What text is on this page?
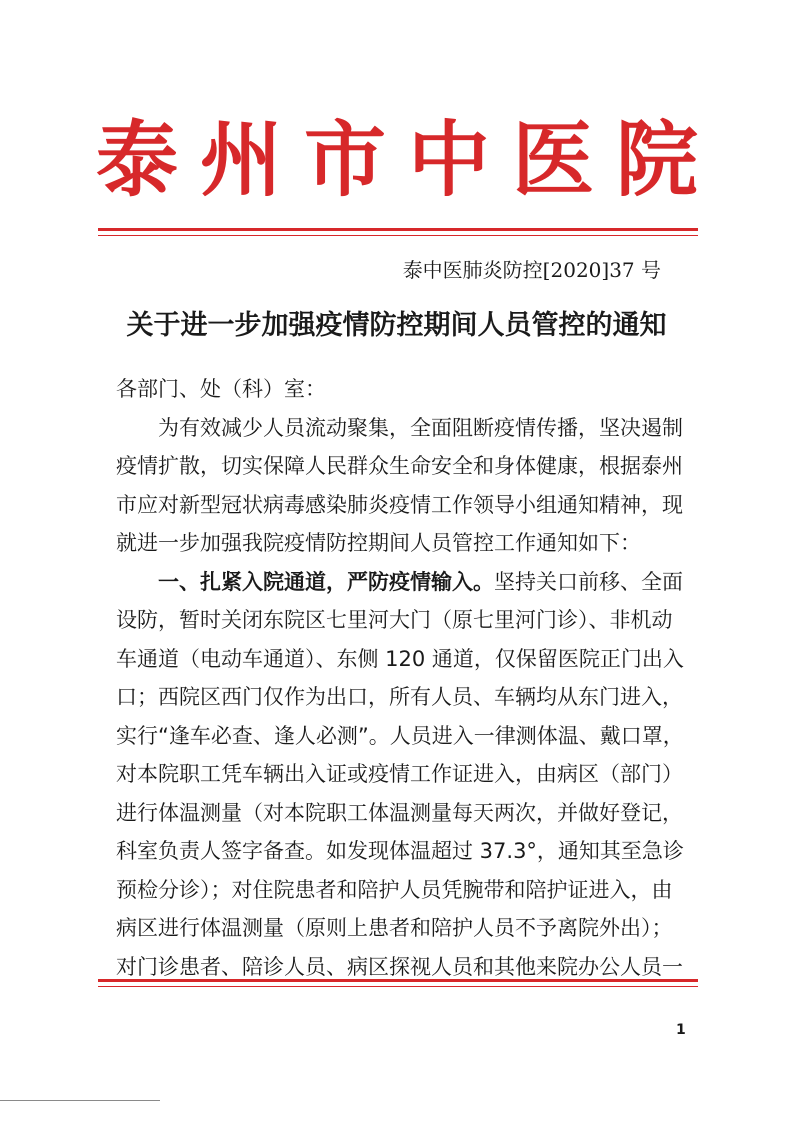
泰 州 市 中 医 院
泰中医肺炎防控[2020]37 号
关于进一步加强疫情防控期间人员管控的通知
各部门、处（科）室：
为有效减少人员流动聚集，全面阻断疫情传播，坚决遏制
疫情扩散，切实保障人民群众生命安全和身体健康，根据泰州
市应对新型冠状病毒感染肺炎疫情工作领导小组通知精神，现
就进一步加强我院疫情防控期间人员管控工作通知如下：
一、扎紧入院通道，严防疫情输入。坚持关口前移、全面
设防，暂时关闭东院区七里河大门（原七里河门诊）、非机动
车通道（电动车通道）、东侧 120 通道，仅保留医院正门出入
口；西院区西门仅作为出口，所有人员、车辆均从东门进入，
实行“逢车必查、逢人必测”。人员进入一律测体温、戴口罩，
对本院职工凭车辆出入证或疫情工作证进入，由病区（部门）
进行体温测量（对本院职工体温测量每天两次，并做好登记，
科室负责人签字备查。如发现体温超过 37.3°，通知其至急诊
预检分诊）；对住院患者和陪护人员凭腕带和陪护证进入，由
病区进行体温测量（原则上患者和陪护人员不予离院外出）；
对门诊患者、陪诊人员、病区探视人员和其他来院办公人员一
1
